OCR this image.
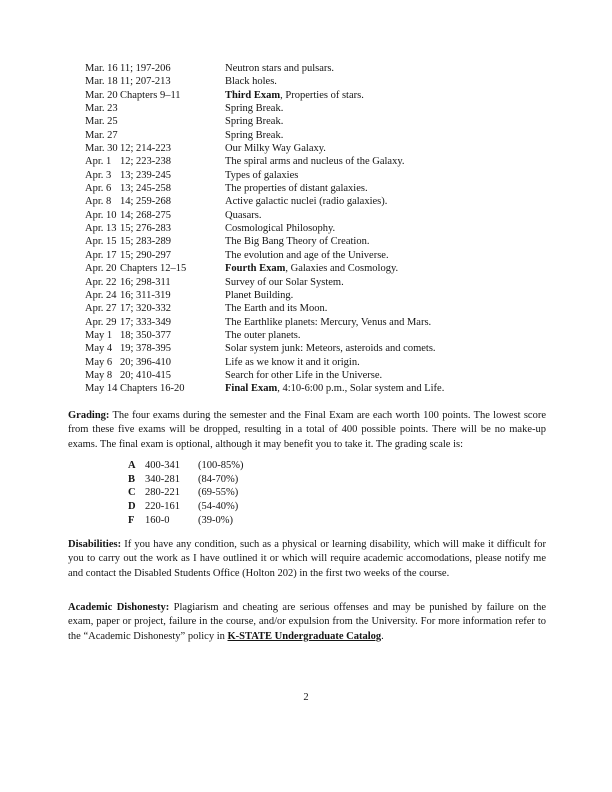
Mar. 16 11; 197-206	Neutron stars and pulsars.
Mar. 18 11; 207-213	Black holes.
Mar. 20 Chapters 9–11	Third Exam, Properties of stars.
Mar. 23	Spring Break.
Mar. 25	Spring Break.
Mar. 27	Spring Break.
Mar. 30 12; 214-223	Our Milky Way Galaxy.
Apr. 1 12; 223-238	The spiral arms and nucleus of the Galaxy.
Apr. 3 13; 239-245	Types of galaxies
Apr. 6 13; 245-258	The properties of distant galaxies.
Apr. 8 14; 259-268	Active galactic nuclei (radio galaxies).
Apr. 10 14; 268-275	Quasars.
Apr. 13 15; 276-283	Cosmological Philosophy.
Apr. 15 15; 283-289	The Big Bang Theory of Creation.
Apr. 17 15; 290-297	The evolution and age of the Universe.
Apr. 20 Chapters 12–15	Fourth Exam, Galaxies and Cosmology.
Apr. 22 16; 298-311	Survey of our Solar System.
Apr. 24 16; 311-319	Planet Building.
Apr. 27 17; 320-332	The Earth and its Moon.
Apr. 29 17; 333-349	The Earthlike planets: Mercury, Venus and Mars.
May 1 18; 350-377	The outer planets.
May 4 19; 378-395	Solar system junk: Meteors, asteroids and comets.
May 6 20; 396-410	Life as we know it and it origin.
May 8 20; 410-415	Search for other Life in the Universe.
May 14 Chapters 16-20	Final Exam, 4:10-6:00 p.m., Solar system and Life.

Grading: The four exams during the semester and the Final Exam are each worth 100 points. The lowest score from these five exams will be dropped, resulting in a total of 400 possible points. There will be no make-up exams. The final exam is optional, although it may benefit you to take it. The grading scale is:

A 400-341	(100-85%)
B 340-281	(84-70%)
C 280-221	(69-55%)
D 220-161	(54-40%)
F	160-0	(39-0%)

Disabilities: If you have any condition, such as a physical or learning disability, which will make it difficult for you to carry out the work as I have outlined it or which will require academic accomodations, please notify me and contact the Disabled Students Office (Holton 202) in the first two weeks of the course.

Academic Dishonesty: Plagiarism and cheating are serious offenses and may be punished by failure on the exam, paper or project, failure in the course, and/or expulsion from the University. For more information refer to the “Academic Dishonesty” policy in K-STATE Undergraduate Catalog.

2
